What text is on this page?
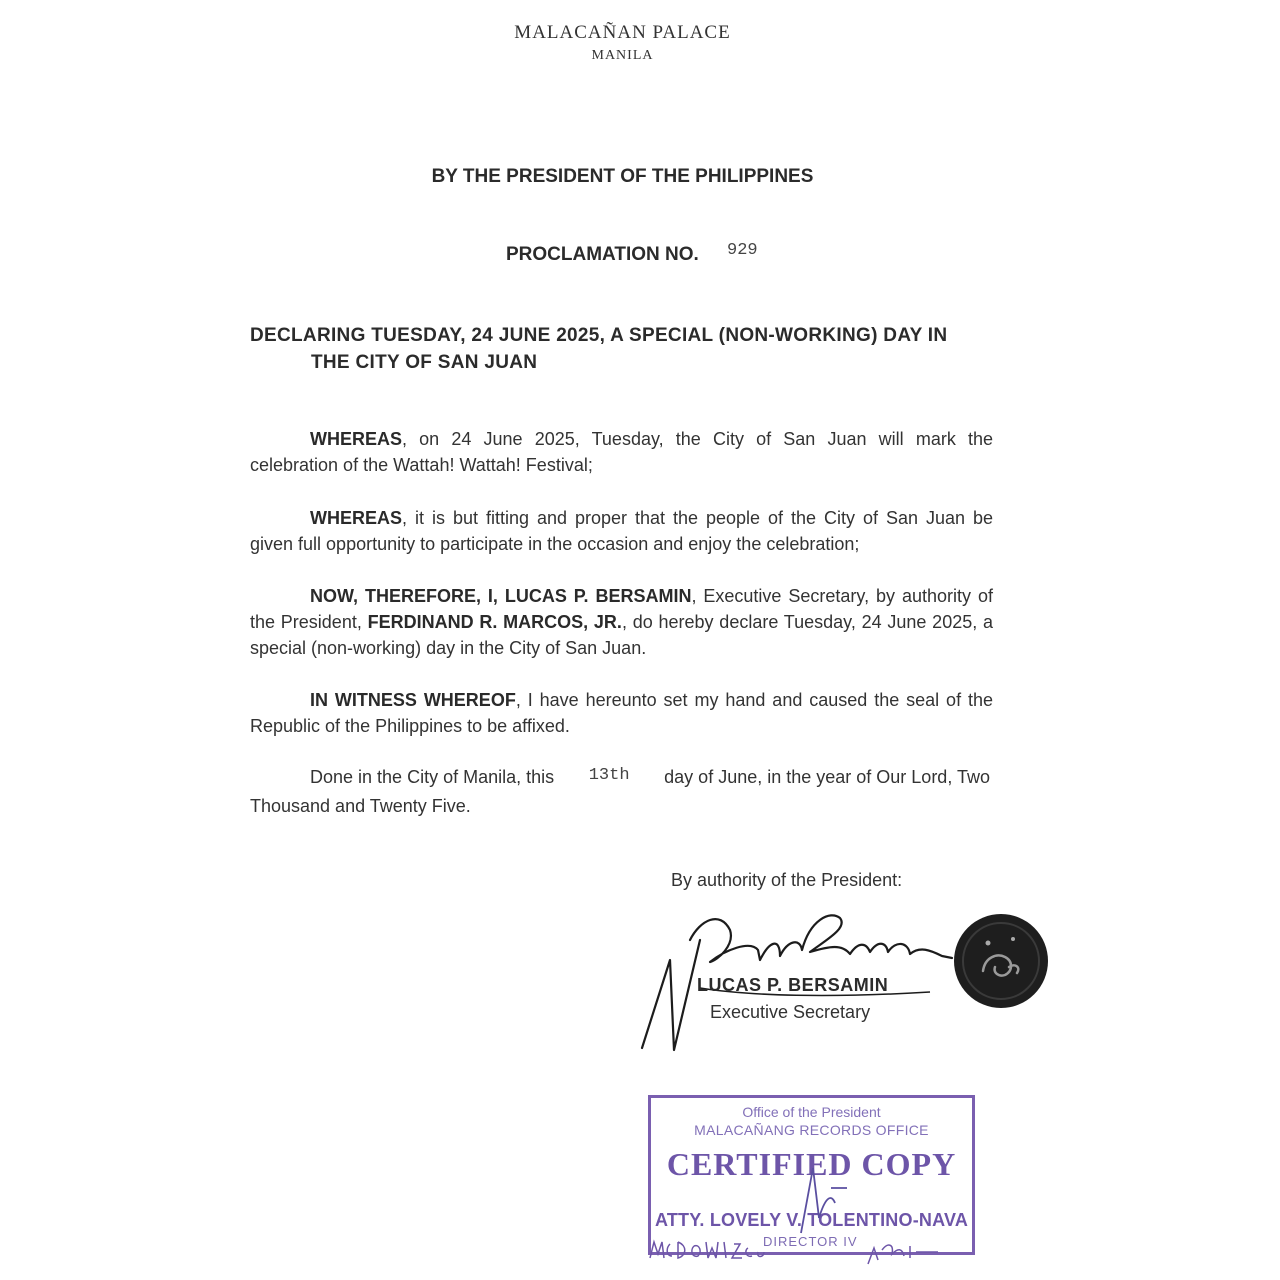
MALACAÑAN PALACE
MANILA
BY THE PRESIDENT OF THE PHILIPPINES
PROCLAMATION NO. 929
DECLARING TUESDAY, 24 JUNE 2025, A SPECIAL (NON-WORKING) DAY IN
THE CITY OF SAN JUAN
WHEREAS, on 24 June 2025, Tuesday, the City of San Juan will mark the celebration of the Wattah! Wattah! Festival;
WHEREAS, it is but fitting and proper that the people of the City of San Juan be given full opportunity to participate in the occasion and enjoy the celebration;
NOW, THEREFORE, I, LUCAS P. BERSAMIN, Executive Secretary, by authority of the President, FERDINAND R. MARCOS, JR., do hereby declare Tuesday, 24 June 2025, a special (non-working) day in the City of San Juan.
IN WITNESS WHEREOF, I have hereunto set my hand and caused the seal of the Republic of the Philippines to be affixed.
Done in the City of Manila, this 13th day of June, in the year of Our Lord, Two Thousand and Twenty Five.
By authority of the President:
LUCAS P. BERSAMIN
Executive Secretary
Office of the President
MALACAÑANG RECORDS OFFICE
CERTIFIED COPY
ATTY. LOVELY V. TOLENTINO-NAVA
DIRECTOR IV
